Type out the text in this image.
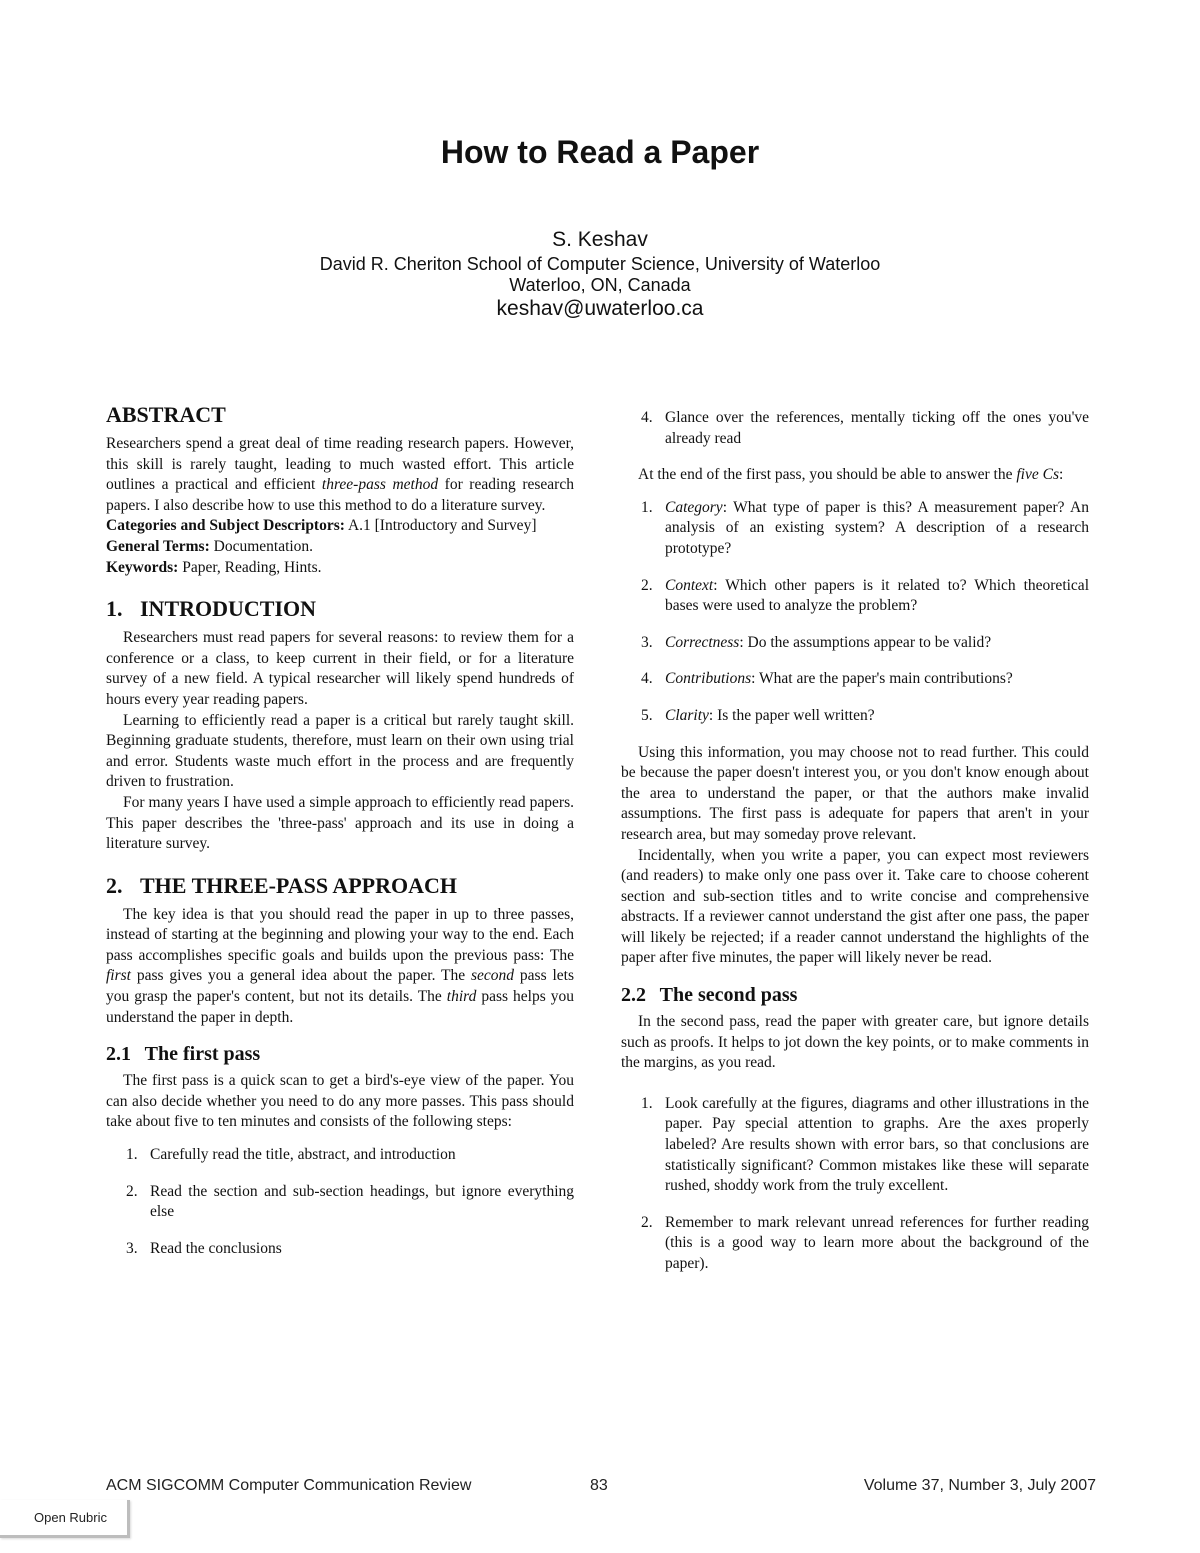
How to Read a Paper
S. Keshav
David R. Cheriton School of Computer Science, University of Waterloo
Waterloo, ON, Canada
keshav@uwaterloo.ca
ABSTRACT

Researchers spend a great deal of time reading research papers. However, this skill is rarely taught, leading to much wasted effort. This article outlines a practical and efficient three-pass method for reading research papers. I also describe how to use this method to do a literature survey.

Categories and Subject Descriptors: A.1 [Introductory and Survey]

General Terms: Documentation.

Keywords: Paper, Reading, Hints.

1. INTRODUCTION

Researchers must read papers for several reasons: to review them for a conference or a class, to keep current in their field, or for a literature survey of a new field. A typical researcher will likely spend hundreds of hours every year reading papers.

Learning to efficiently read a paper is a critical but rarely taught skill. Beginning graduate students, therefore, must learn on their own using trial and error. Students waste much effort in the process and are frequently driven to frustration.

For many years I have used a simple approach to efficiently read papers. This paper describes the 'three-pass' approach and its use in doing a literature survey.

2. THE THREE-PASS APPROACH

The key idea is that you should read the paper in up to three passes, instead of starting at the beginning and plowing your way to the end. Each pass accomplishes specific goals and builds upon the previous pass: The first pass gives you a general idea about the paper. The second pass lets you grasp the paper's content, but not its details. The third pass helps you understand the paper in depth.

2.1 The first pass

The first pass is a quick scan to get a bird's-eye view of the paper. You can also decide whether you need to do any more passes. This pass should take about five to ten minutes and consists of the following steps:

1. Carefully read the title, abstract, and introduction
2. Read the section and sub-section headings, but ignore everything else
3. Read the conclusions
4. Glance over the references, mentally ticking off the ones you've already read

At the end of the first pass, you should be able to answer the five Cs:

1. Category: What type of paper is this? A measurement paper? An analysis of an existing system? A description of a research prototype?
2. Context: Which other papers is it related to? Which theoretical bases were used to analyze the problem?
3. Correctness: Do the assumptions appear to be valid?
4. Contributions: What are the paper's main contributions?
5. Clarity: Is the paper well written?

Using this information, you may choose not to read further. This could be because the paper doesn't interest you, or you don't know enough about the area to understand the paper, or that the authors make invalid assumptions. The first pass is adequate for papers that aren't in your research area, but may someday prove relevant.

Incidentally, when you write a paper, you can expect most reviewers (and readers) to make only one pass over it. Take care to choose coherent section and sub-section titles and to write concise and comprehensive abstracts. If a reviewer cannot understand the gist after one pass, the paper will likely be rejected; if a reader cannot understand the highlights of the paper after five minutes, the paper will likely never be read.

2.2 The second pass

In the second pass, read the paper with greater care, but ignore details such as proofs. It helps to jot down the key points, or to make comments in the margins, as you read.

1. Look carefully at the figures, diagrams and other illustrations in the paper. Pay special attention to graphs. Are the axes properly labeled? Are results shown with error bars, so that conclusions are statistically significant? Common mistakes like these will separate rushed, shoddy work from the truly excellent.
2. Remember to mark relevant unread references for further reading (this is a good way to learn more about the background of the paper).
ACM SIGCOMM Computer Communication Review	83	Volume 37, Number 3, July 2007
Open Rubric
